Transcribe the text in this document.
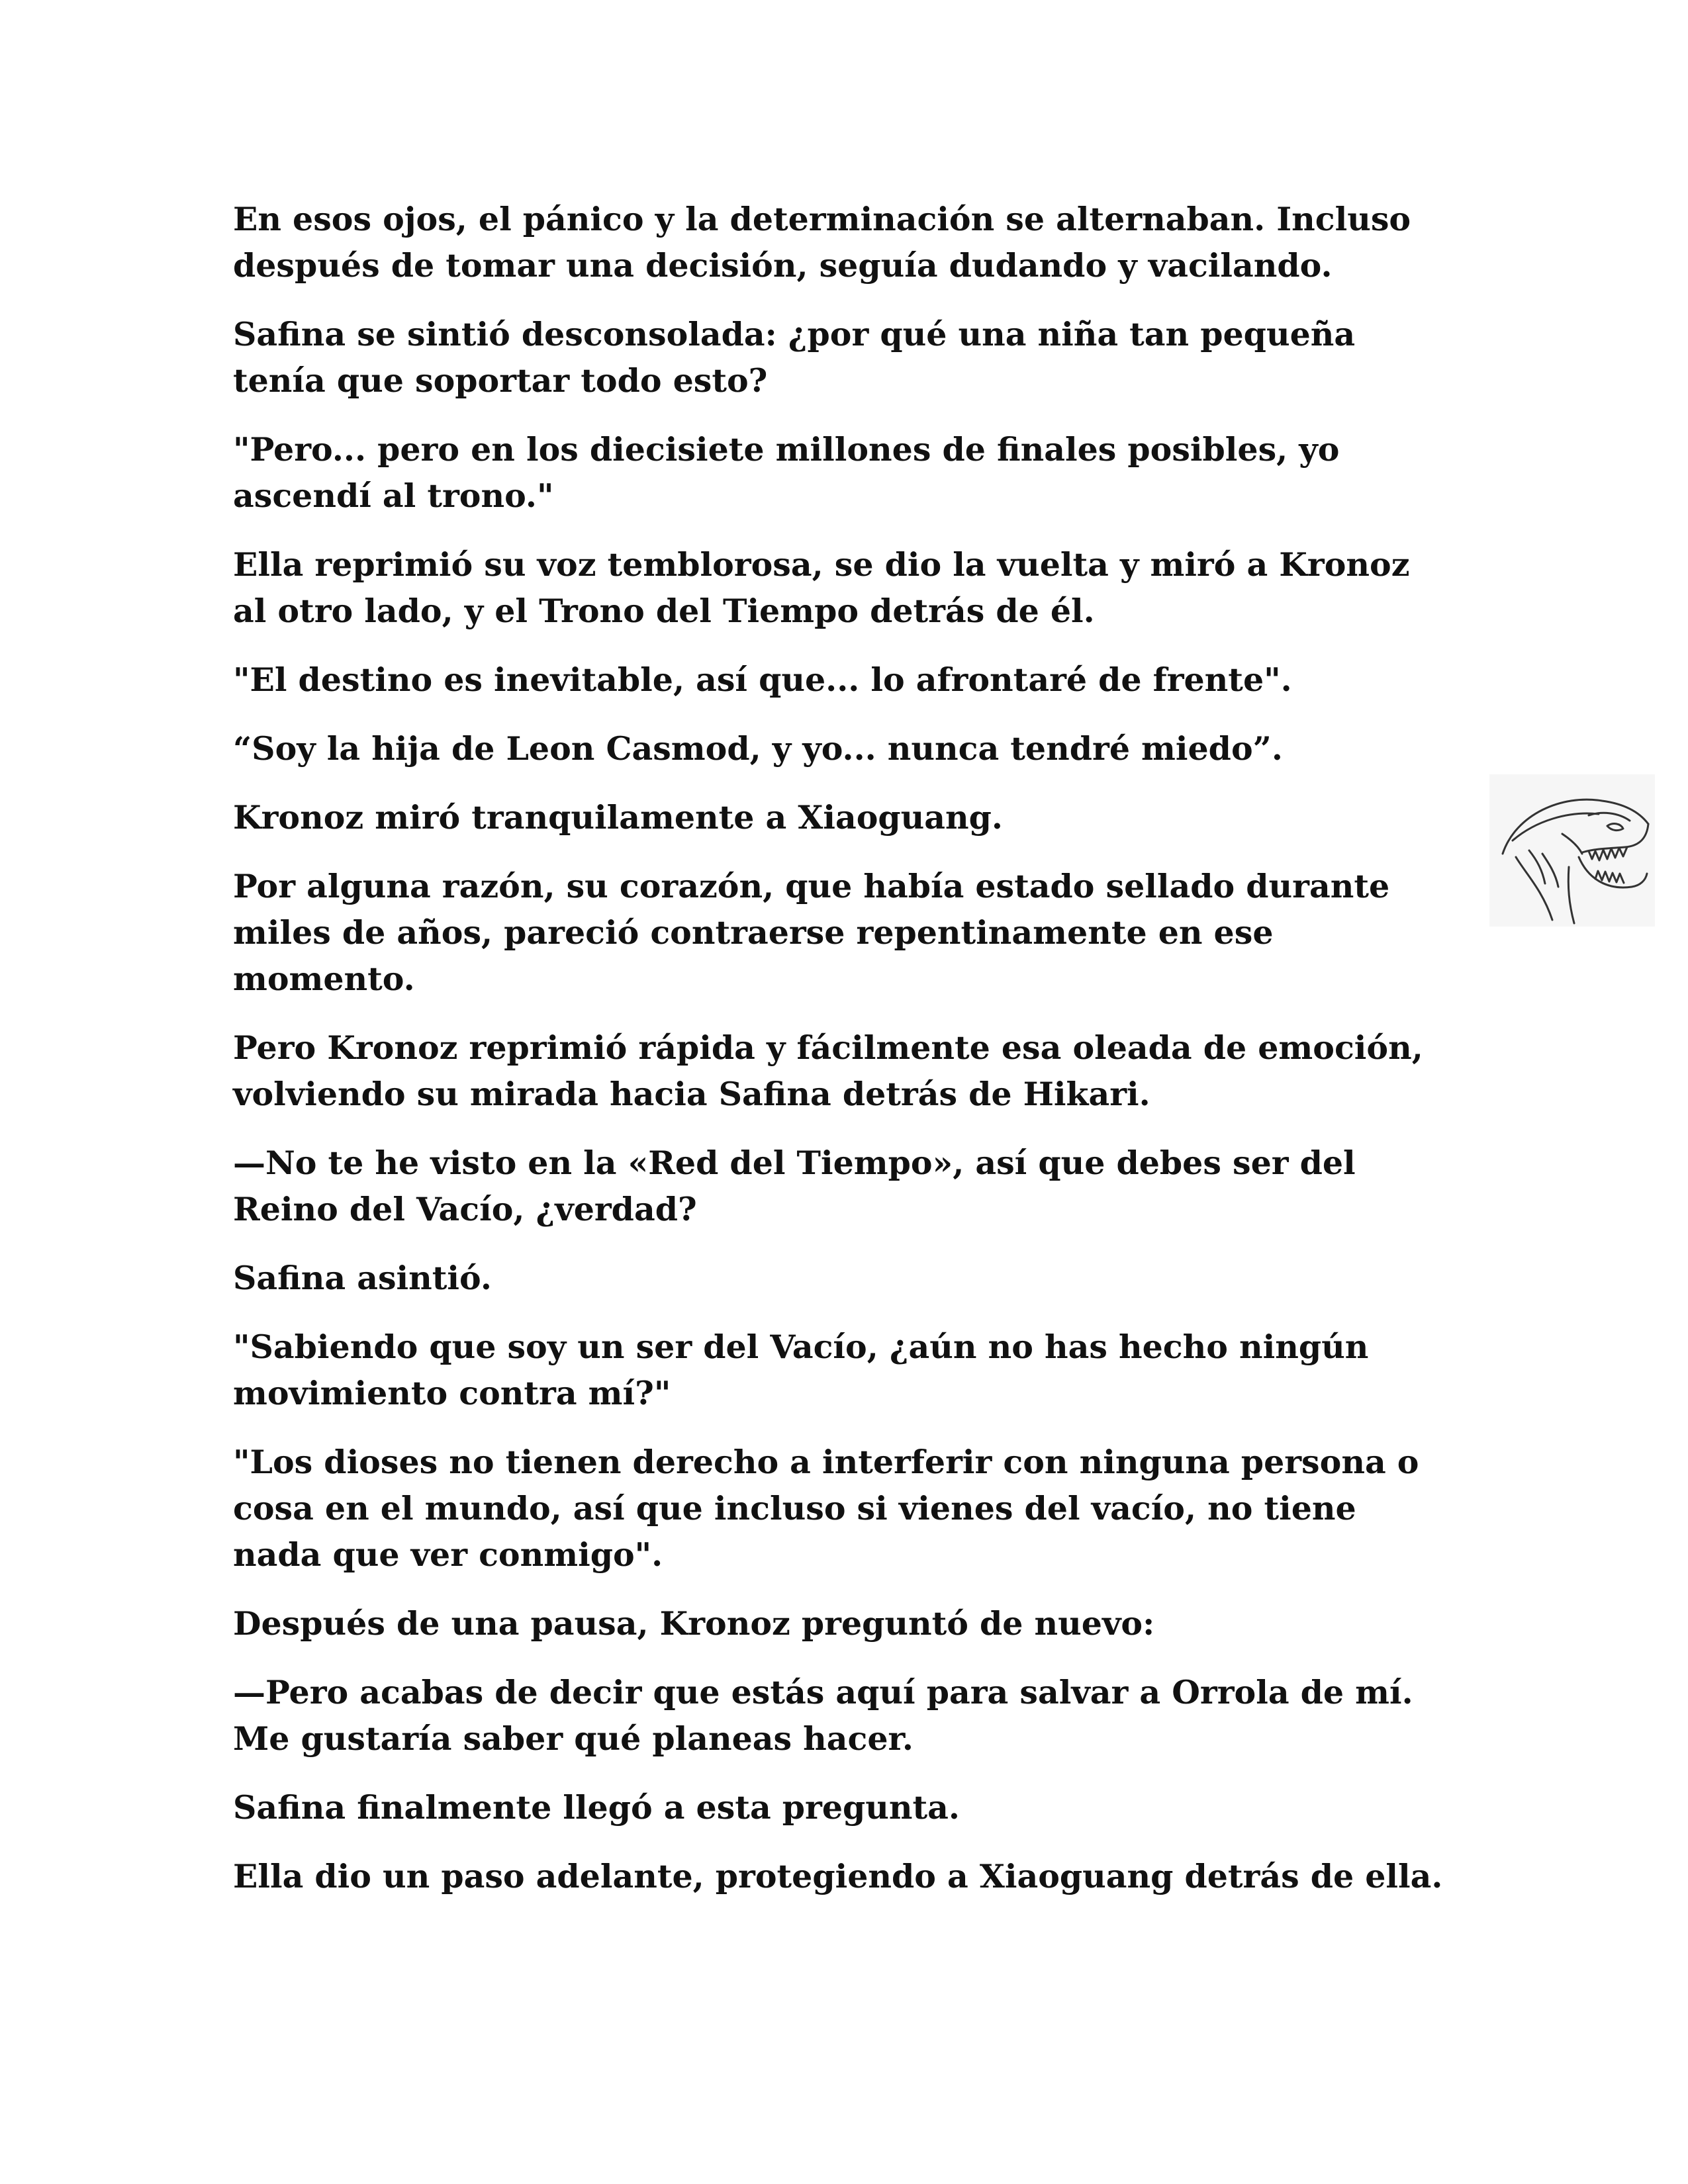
En esos ojos, el pánico y la determinación se alternaban. Incluso después de tomar una decisión, seguía dudando y vacilando.

Safina se sintió desconsolada: ¿por qué una niña tan pequeña tenía que soportar todo esto?

"Pero... pero en los diecisiete millones de finales posibles, yo ascendí al trono."

Ella reprimió su voz temblorosa, se dio la vuelta y miró a Kronoz al otro lado, y el Trono del Tiempo detrás de él.

"El destino es inevitable, así que... lo afrontaré de frente".

“Soy la hija de Leon Casmod, y yo... nunca tendré miedo”.

Kronoz miró tranquilamente a Xiaoguang.

Por alguna razón, su corazón, que había estado sellado durante miles de años, pareció contraerse repentinamente en ese momento.

Pero Kronoz reprimió rápida y fácilmente esa oleada de emoción, volviendo su mirada hacia Safina detrás de Hikari.

—No te he visto en la «Red del Tiempo», así que debes ser del Reino del Vacío, ¿verdad?

Safina asintió.

"Sabiendo que soy un ser del Vacío, ¿aún no has hecho ningún movimiento contra mí?"

"Los dioses no tienen derecho a interferir con ninguna persona o cosa en el mundo, así que incluso si vienes del vacío, no tiene nada que ver conmigo".

Después de una pausa, Kronoz preguntó de nuevo:

—Pero acabas de decir que estás aquí para salvar a Orrola de mí. Me gustaría saber qué planeas hacer.

Safina finalmente llegó a esta pregunta.

Ella dio un paso adelante, protegiendo a Xiaoguang detrás de ella.
